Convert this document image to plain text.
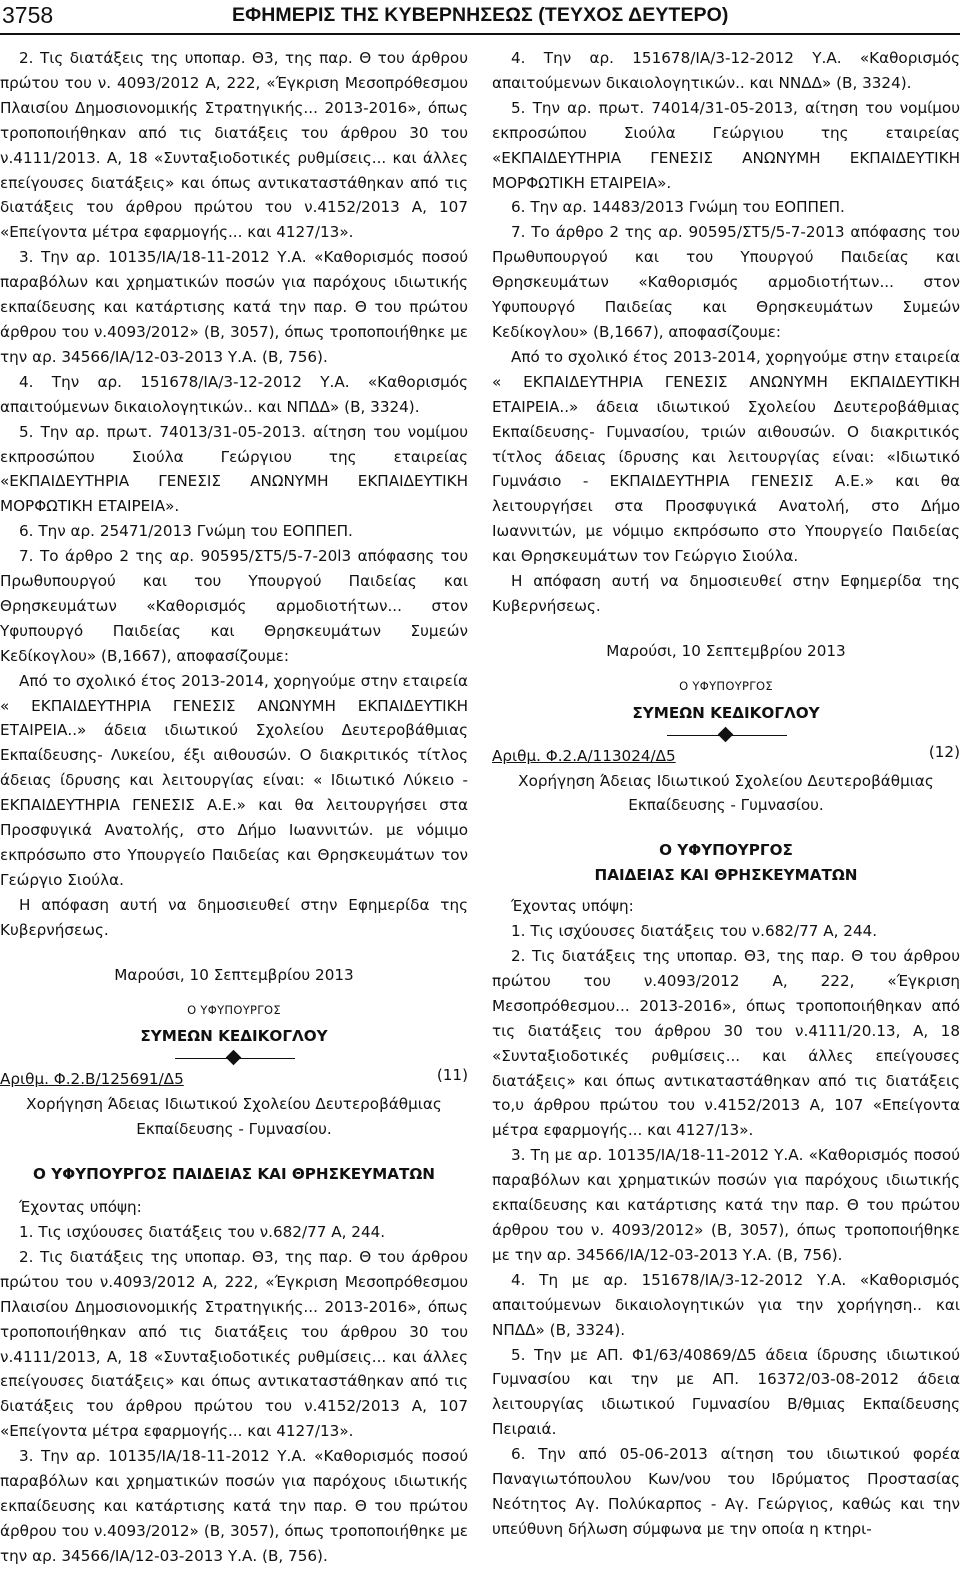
3758	ΕΦΗΜΕΡΙΣ ΤΗΣ ΚΥΒΕΡΝΗΣΕΩΣ (ΤΕΥΧΟΣ ΔΕΥΤΕΡΟ)

2. Τις διατάξεις της υποπαρ. Θ3, της παρ. Θ του άρθρου πρώτου του ν. 4093/2012 Α, 222, «Έγκριση Μεσοπρόθεσμου Πλαισίου Δημοσιονομικής Στρατηγικής... 2013-2016», όπως τροποποιήθηκαν από τις διατάξεις του άρθρου 30 του ν.4111/2013. Α, 18 «Συνταξιοδοτικές ρυθμίσεις... και άλλες επείγουσες διατάξεις» και όπως αντικαταστάθηκαν από τις διατάξεις του άρθρου πρώτου του ν.4152/2013 Α, 107 «Επείγοντα μέτρα εφαρμογής... και 4127/13».

3. Την αρ. 10135/ΙΑ/18-11-2012 Υ.Α. «Καθορισμός ποσού παραβόλων και χρηματικών ποσών για παρόχους ιδιωτικής εκπαίδευσης και κατάρτισης κατά την παρ. Θ του πρώτου άρθρου του ν.4093/2012» (Β, 3057), όπως τροποποιήθηκε με την αρ. 34566/ΙΑ/12-03-2013 Υ.Α. (Β, 756).

4. Την αρ. 151678/ΙΑ/3-12-2012 Υ.Α. «Καθορισμός απαιτούμενων δικαιολογητικών.. και ΝΠΔΔ» (Β, 3324).

5. Την αρ. πρωτ. 74013/31-05-2013. αίτηση του νομίμου εκπροσώπου Σιούλα Γεώργιου της εταιρείας «ΕΚΠΑΙΔΕΥΤΗΡΙΑ ΓΕΝΕΣΙΣ ΑΝΩΝΥΜΗ ΕΚΠΑΙΔΕΥΤΙΚΗ ΜΟΡΦΩΤΙΚΗ ΕΤΑΙΡΕΙΑ».

6. Την αρ. 25471/2013 Γνώμη του ΕΟΠΠΕΠ.

7. Το άρθρο 2 της αρ. 90595/ΣΤ5/5-7-20l3 απόφασης του Πρωθυπουργού και του Υπουργού Παιδείας και Θρησκευμάτων «Καθορισμός αρμοδιοτήτων... στον Υφυπουργό Παιδείας και Θρησκευμάτων Συμεών Κεδίκογλου» (Β,1667), αποφασίζουμε:

Από το σχολικό έτος 2013-2014, χορηγούμε στην εταιρεία « ΕΚΠΑΙΔΕΥΤΗΡΙΑ ΓΕΝΕΣΙΣ ΑΝΩΝΥΜΗ ΕΚΠΑΙΔΕΥΤΙΚΗ ΕΤΑΙΡΕΙΑ..» άδεια ιδιωτικού Σχολείου Δευτεροβάθμιας Εκπαίδευσης- Λυκείου, έξι αιθουσών. Ο διακριτικός τίτλος άδειας ίδρυσης και λειτουργίας είναι: « Ιδιωτικό Λύκειο - ΕΚΠΑΙΔΕΥΤΗΡΙΑ ΓΕΝΕΣΙΣ Α.Ε.» και θα λειτουργήσει στα Προσφυγικά Ανατολής, στο Δήμο Ιωαννιτών. με νόμιμο εκπρόσωπο στο Υπουργείο Παιδείας και Θρησκευμάτων τον Γεώργιο Σιούλα.

Η απόφαση αυτή να δημοσιευθεί στην Εφημερίδα της Κυβερνήσεως.

Μαρούσι, 10 Σεπτεμβρίου 2013

Ο ΥΦΥΠΟΥΡΓΟΣ

ΣΥΜΕΩΝ ΚΕΔΙΚΟΓΛΟΥ

Αριθμ. Φ.2.Β/125691/Δ5	(11)

Χορήγηση Άδειας Ιδιωτικού Σχολείου Δευτεροβάθμιας Εκπαίδευσης - Γυμνασίου.

Ο ΥΦΥΠΟΥΡΓΟΣ ΠΑΙΔΕΙΑΣ ΚΑΙ ΘΡΗΣΚΕΥΜΑΤΩΝ

Έχοντας υπόψη:

1. Τις ισχύουσες διατάξεις του ν.682/77 Α, 244.

2. Τις διατάξεις της υποπαρ. Θ3, της παρ. Θ του άρθρου πρώτου του ν.4093/2012 Α, 222, «Έγκριση Μεσοπρόθεσμου Πλαισίου Δημοσιονομικής Στρατηγικής... 2013-2016», όπως τροποποιήθηκαν από τις διατάξεις του άρθρου 30 του ν.4111/2013, Α, 18 «Συνταξιοδοτικές ρυθμίσεις... και άλλες επείγουσες διατάξεις» και όπως αντικαταστάθηκαν από τις διατάξεις του άρθρου πρώτου του ν.4152/2013 Α, 107 «Επείγοντα μέτρα εφαρμογής... και 4127/13».

3. Την αρ. 10135/ΙΑ/18-11-2012 Υ.Α. «Καθορισμός ποσού παραβόλων και χρηματικών ποσών για παρόχους ιδιωτικής εκπαίδευσης και κατάρτισης κατά την παρ. Θ του πρώτου άρθρου του ν.4093/2012» (Β, 3057), όπως τροποποιήθηκε με την αρ. 34566/ΙΑ/12-03-2013 Υ.Α. (Β, 756).

4. Την αρ. 151678/ΙΑ/3-12-2012 Υ.Α. «Καθορισμός απαιτούμενων δικαιολογητικών.. και ΝΝΔΔ» (Β, 3324).

5. Την αρ. πρωτ. 74014/31-05-2013, αίτηση του νομίμου εκπροσώπου Σιούλα Γεώργιου της εταιρείας «ΕΚΠΑΙΔΕΥΤΗΡΙΑ ΓΕΝΕΣΙΣ ΑΝΩΝΥΜΗ ΕΚΠΑΙΔΕΥΤΙΚΗ ΜΟΡΦΩΤΙΚΗ ΕΤΑΙΡΕΙΑ».

6. Την αρ. 14483/2013 Γνώμη του ΕΟΠΠΕΠ.

7. Το άρθρο 2 της αρ. 90595/ΣΤ5/5-7-2013 απόφασης του Πρωθυπουργού και του Υπουργού Παιδείας και Θρησκευμάτων «Καθορισμός αρμοδιοτήτων... στον Υφυπουργό Παιδείας και Θρησκευμάτων Συμεών Κεδίκογλου» (Β,1667), αποφασίζουμε:

Από το σχολικό έτος 2013-2014, χορηγούμε στην εταιρεία « ΕΚΠΑΙΔΕΥΤΗΡΙΑ ΓΕΝΕΣΙΣ ΑΝΩΝΥΜΗ ΕΚΠΑΙΔΕΥΤΙΚΗ ΕΤΑΙΡΕΙΑ..» άδεια ιδιωτικού Σχολείου Δευτεροβάθμιας Εκπαίδευσης- Γυμνασίου, τριών αιθουσών. Ο διακριτικός τίτλος άδειας ίδρυσης και λειτουργίας είναι: «Ιδιωτικό Γυμνάσιο - ΕΚΠΑΙΔΕΥΤΗΡΙΑ ΓΕΝΕΣΙΣ Α.Ε.» και θα λειτουργήσει στα Προσφυγικά Ανατολή, στο Δήμο Ιωαννιτών, με νόμιμο εκπρόσωπο στο Υπουργείο Παιδείας και Θρησκευμάτων τον Γεώργιο Σιούλα.

Η απόφαση αυτή να δημοσιευθεί στην Εφημερίδα της Κυβερνήσεως.

Μαρούσι, 10 Σεπτεμβρίου 2013

Ο ΥΦΥΠΟΥΡΓΟΣ

ΣΥΜΕΩΝ ΚΕΔΙΚΟΓΛΟΥ

Αριθμ. Φ.2.Α/113024/Δ5	(12)

Χορήγηση Άδειας Ιδιωτικού Σχολείου Δευτεροβάθμιας Εκπαίδευσης - Γυμνασίου.

Ο ΥΦΥΠΟΥΡΓΟΣ

ΠΑΙΔΕΙΑΣ ΚΑΙ ΘΡΗΣΚΕΥΜΑΤΩΝ

Έχοντας υπόψη:

1. Τις ισχύουσες διατάξεις του ν.682/77 Α, 244.

2. Τις διατάξεις της υποπαρ. Θ3, της παρ. Θ του άρθρου πρώτου του ν.4093/2012 Α, 222, «Έγκριση Μεσοπρόθεσμου... 2013-2016», όπως τροποποιήθηκαν από τις διατάξεις του άρθρου 30 του ν.4111/20.13, Α, 18 «Συνταξιοδοτικές ρυθμίσεις... και άλλες επείγουσες διατάξεις» και όπως αντικαταστάθηκαν από τις διατάξεις το,υ άρθρου πρώτου του ν.4152/2013 Α, 107 «Επείγοντα μέτρα εφαρμογής... και 4127/13».

3. Τη με αρ. 10135/ΙΑ/18-11-2012 Υ.Α. «Καθορισμός ποσού παραβόλων και χρηματικών ποσών για παρόχους ιδιωτικής εκπαίδευσης και κατάρτισης κατά την παρ. Θ του πρώτου άρθρου του ν. 4093/2012» (Β, 3057), όπως τροποποιήθηκε με την αρ. 34566/ΙΑ/12-03-2013 Υ.Α. (Β, 756).

4. Τη με αρ. 151678/ΙΑ/3-12-2012 Υ.Α. «Καθορισμός απαιτούμενων δικαιολογητικών για την χορήγηση.. και ΝΠΔΔ» (Β, 3324).

5. Την με ΑΠ. Φ1/63/40869/Δ5 άδεια ίδρυσης ιδιωτικού Γυμνασίου και την με ΑΠ. 16372/03-08-2012 άδεια λειτουργίας ιδιωτικού Γυμνασίου Β/θμιας Εκπαίδευσης Πειραιά.

6. Την από 05-06-2013 αίτηση του ιδιωτικού φορέα Παναγιωτόπουλου Κων/νου του Ιδρύματος Προστασίας Νεότητος Αγ. Πολύκαρπος - Αγ. Γεώργιος, καθώς και την υπεύθυνη δήλωση σύμφωνα με την οποία η κτηρι-
